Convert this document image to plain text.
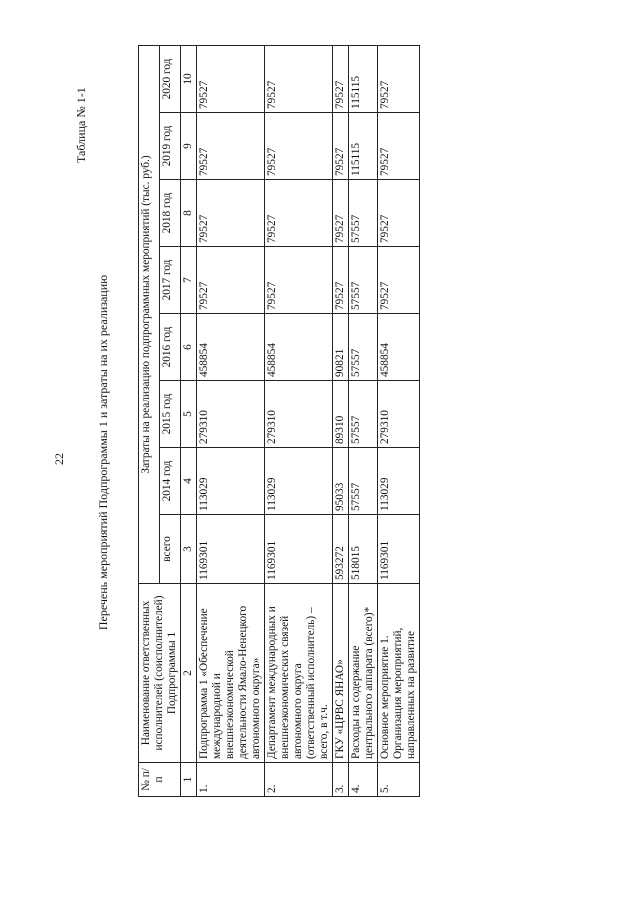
22
Таблица № 1-1
Перечень мероприятий Подпрограммы 1 и затраты на их реализацию
№ п/п	Наименование ответственных исполнителей (соисполнителей) Подпрограммы 1	Затраты на реализацию подпрограммных мероприятий (тыс. руб.)							
		всего	2014 год	2015 год	2016 год	2017 год	2018 год	2019 год	2020 год
1	2	3	4	5	6	7	8	9	10
1.	Подпрограмма 1 «Обеспечение международной и внешнеэкономической деятельности Ямало-Ненецкого автономного округа»	1169301	113029	279310	458854	79527	79527	79527	79527
2.	Департамент международных и внешнеэкономических связей автономного округа (ответственный исполнитель) – всего, в т.ч.	1169301	113029	279310	458854	79527	79527	79527	79527
3.	ГКУ «ЦРВС ЯНАО»	593272	95033	89310	90821	79527	79527	79527	79527
4.	Расходы на содержание центрального аппарата (всего)*	518015	57557	57557	57557	57557	57557	115115	115115
5.	Основное мероприятие 1. Организация мероприятий, направленных на развитие	1169301	113029	279310	458854	79527	79527	79527	79527
